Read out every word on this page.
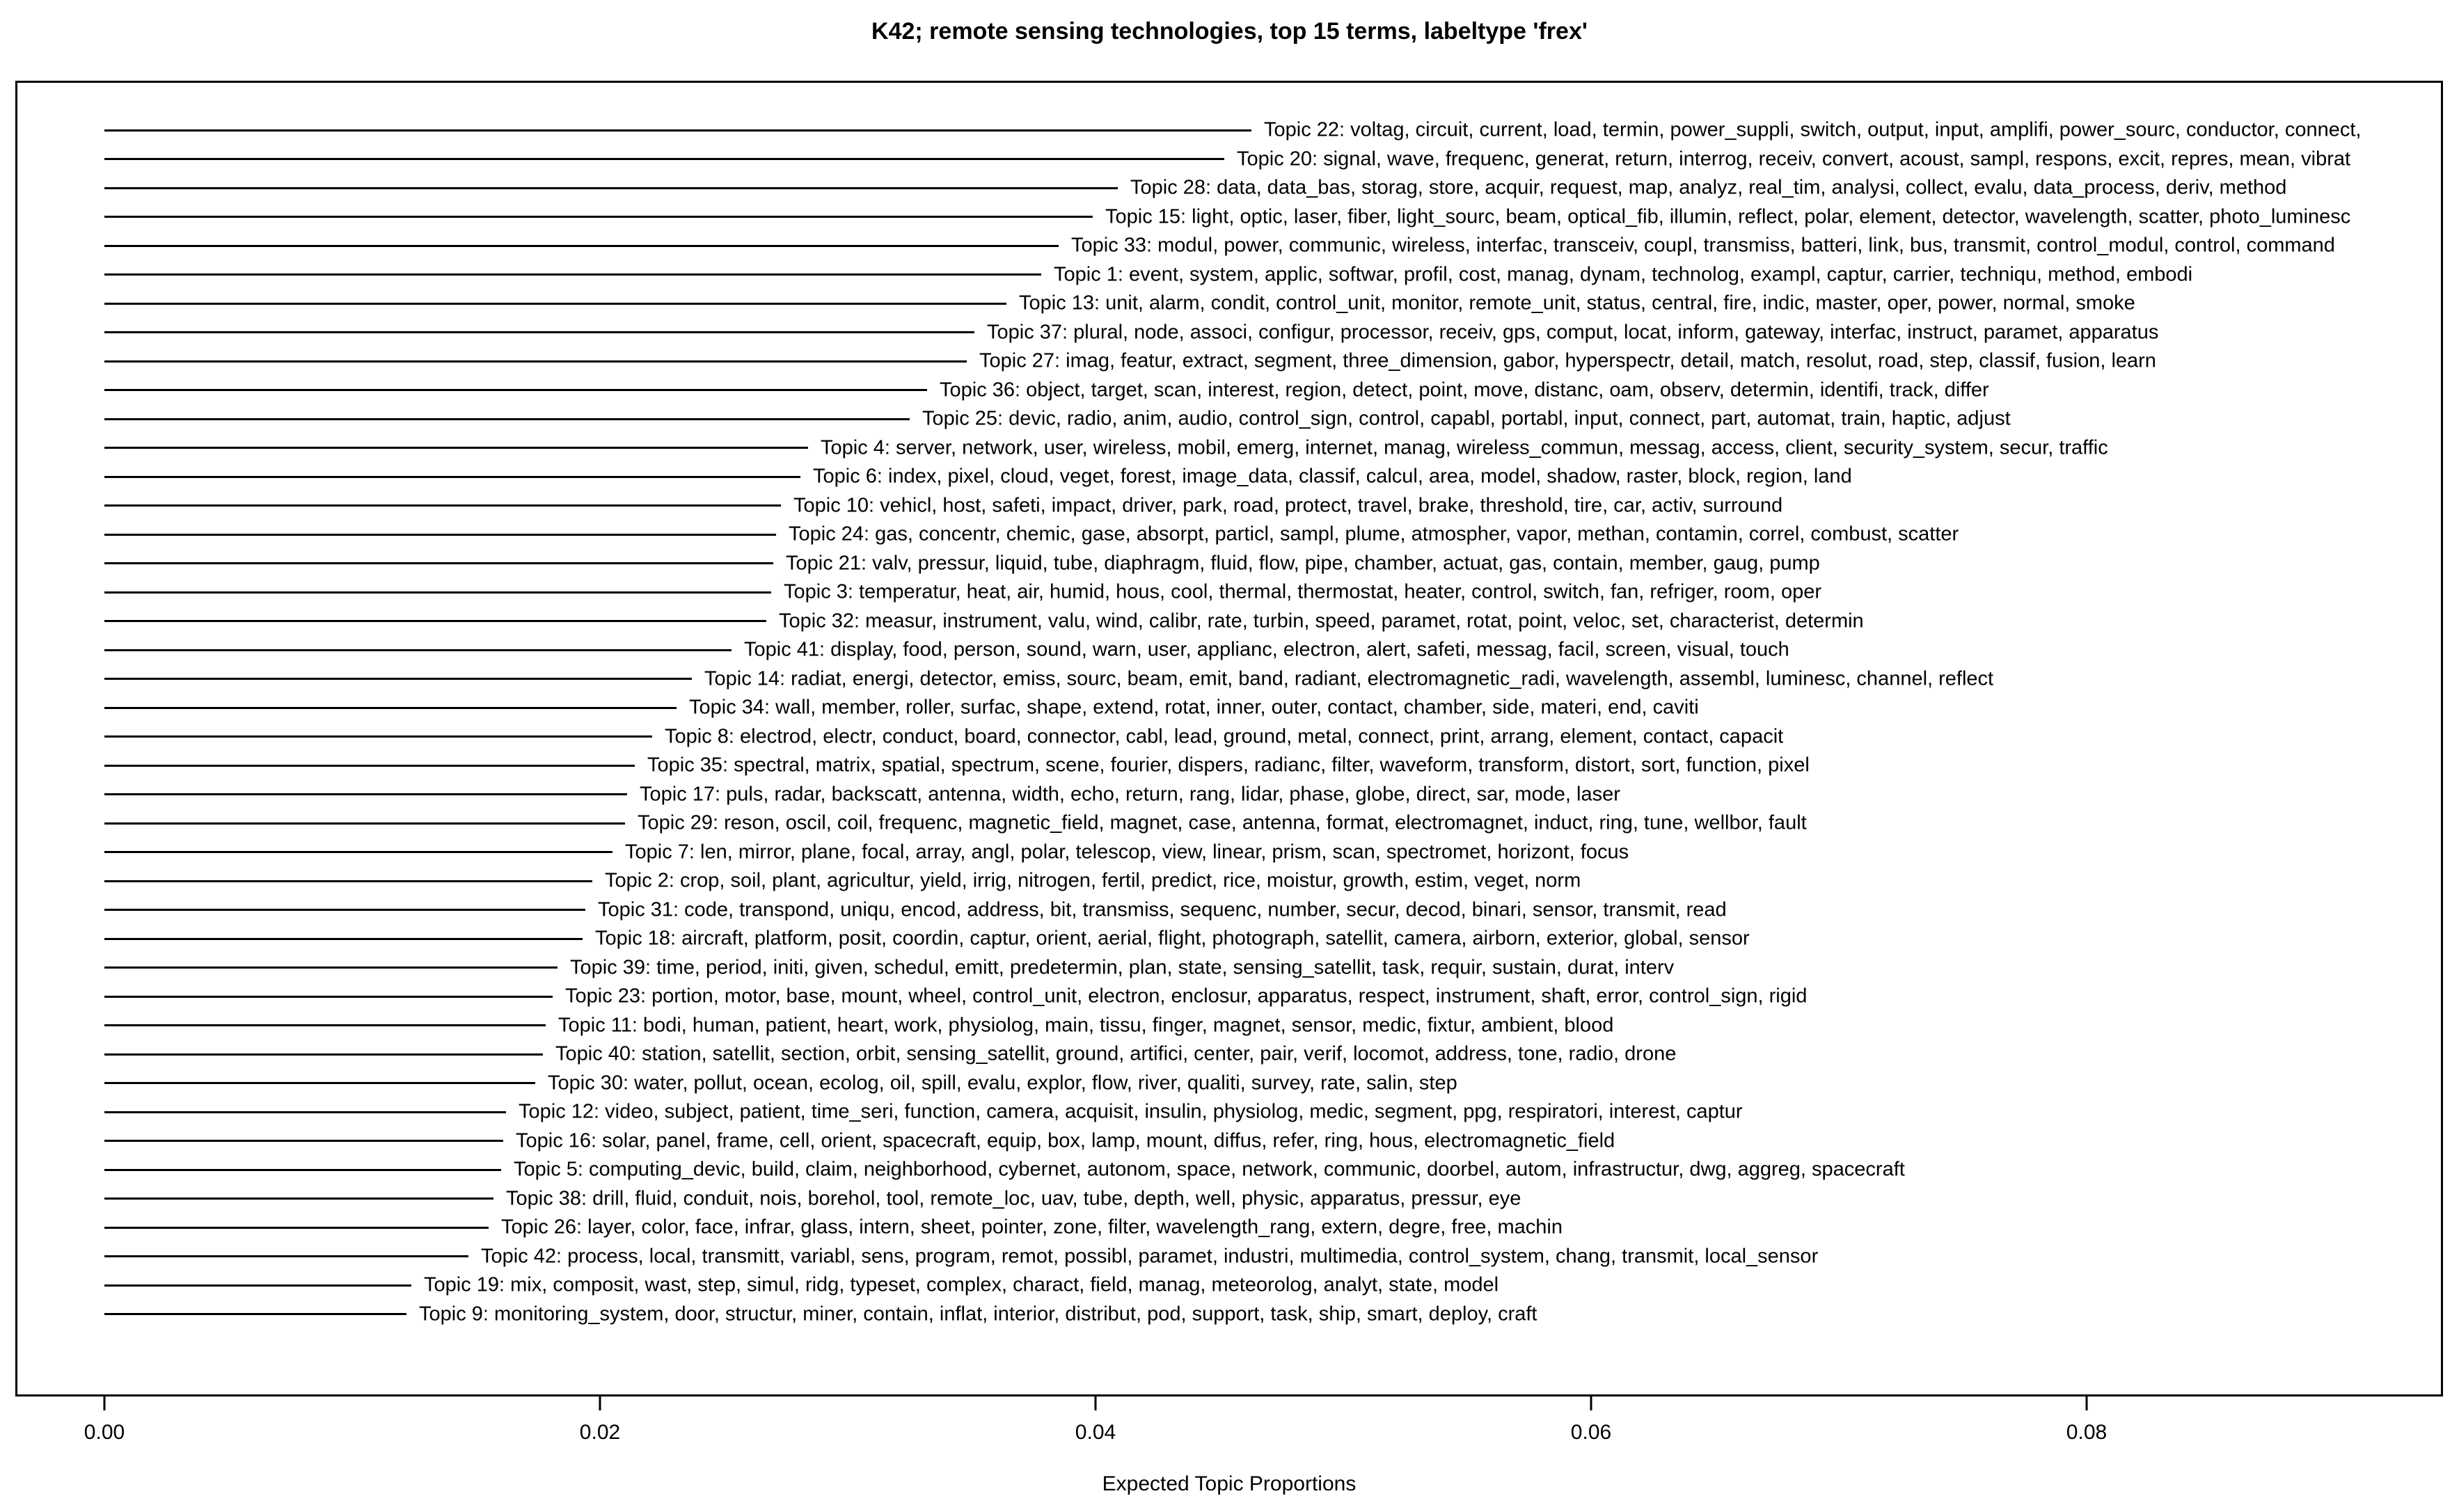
K42; remote sensing technologies, top 15 terms, labeltype 'frex'
Topic 22: voltag, circuit, current, load, termin, power_suppli, switch, output, input, amplifi, power_sourc, conductor, connect,
Topic 20: signal, wave, frequenc, generat, return, interrog, receiv, convert, acoust, sampl, respons, excit, repres, mean, vibrat
Topic 28: data, data_bas, storag, store, acquir, request, map, analyz, real_tim, analysi, collect, evalu, data_process, deriv, method
Topic 15: light, optic, laser, fiber, light_sourc, beam, optical_fib, illumin, reflect, polar, element, detector, wavelength, scatter, photo_luminesc
Topic 33: modul, power, communic, wireless, interfac, transceiv, coupl, transmiss, batteri, link, bus, transmit, control_modul, control, command
Topic 1: event, system, applic, softwar, profil, cost, manag, dynam, technolog, exampl, captur, carrier, techniqu, method, embodi
Topic 13: unit, alarm, condit, control_unit, monitor, remote_unit, status, central, fire, indic, master, oper, power, normal, smoke
Topic 37: plural, node, associ, configur, processor, receiv, gps, comput, locat, inform, gateway, interfac, instruct, paramet, apparatus
Topic 27: imag, featur, extract, segment, three_dimension, gabor, hyperspectr, detail, match, resolut, road, step, classif, fusion, learn
Topic 36: object, target, scan, interest, region, detect, point, move, distanc, oam, observ, determin, identifi, track, differ
Topic 25: devic, radio, anim, audio, control_sign, control, capabl, portabl, input, connect, part, automat, train, haptic, adjust
Topic 4: server, network, user, wireless, mobil, emerg, internet, manag, wireless_commun, messag, access, client, security_system, secur, traffic
Topic 6: index, pixel, cloud, veget, forest, image_data, classif, calcul, area, model, shadow, raster, block, region, land
Topic 10: vehicl, host, safeti, impact, driver, park, road, protect, travel, brake, threshold, tire, car, activ, surround
Topic 24: gas, concentr, chemic, gase, absorpt, particl, sampl, plume, atmospher, vapor, methan, contamin, correl, combust, scatter
Topic 21: valv, pressur, liquid, tube, diaphragm, fluid, flow, pipe, chamber, actuat, gas, contain, member, gaug, pump
Topic 3: temperatur, heat, air, humid, hous, cool, thermal, thermostat, heater, control, switch, fan, refriger, room, oper
Topic 32: measur, instrument, valu, wind, calibr, rate, turbin, speed, paramet, rotat, point, veloc, set, characterist, determin
Topic 41: display, food, person, sound, warn, user, applianc, electron, alert, safeti, messag, facil, screen, visual, touch
Topic 14: radiat, energi, detector, emiss, sourc, beam, emit, band, radiant, electromagnetic_radi, wavelength, assembl, luminesc, channel, reflect
Topic 34: wall, member, roller, surfac, shape, extend, rotat, inner, outer, contact, chamber, side, materi, end, caviti
Topic 8: electrod, electr, conduct, board, connector, cabl, lead, ground, metal, connect, print, arrang, element, contact, capacit
Topic 35: spectral, matrix, spatial, spectrum, scene, fourier, dispers, radianc, filter, waveform, transform, distort, sort, function, pixel
Topic 17: puls, radar, backscatt, antenna, width, echo, return, rang, lidar, phase, globe, direct, sar, mode, laser
Topic 29: reson, oscil, coil, frequenc, magnetic_field, magnet, case, antenna, format, electromagnet, induct, ring, tune, wellbor, fault
Topic 7: len, mirror, plane, focal, array, angl, polar, telescop, view, linear, prism, scan, spectromet, horizont, focus
Topic 2: crop, soil, plant, agricultur, yield, irrig, nitrogen, fertil, predict, rice, moistur, growth, estim, veget, norm
Topic 31: code, transpond, uniqu, encod, address, bit, transmiss, sequenc, number, secur, decod, binari, sensor, transmit, read
Topic 18: aircraft, platform, posit, coordin, captur, orient, aerial, flight, photograph, satellit, camera, airborn, exterior, global, sensor
Topic 39: time, period, initi, given, schedul, emitt, predetermin, plan, state, sensing_satellit, task, requir, sustain, durat, interv
Topic 23: portion, motor, base, mount, wheel, control_unit, electron, enclosur, apparatus, respect, instrument, shaft, error, control_sign, rigid
Topic 11: bodi, human, patient, heart, work, physiolog, main, tissu, finger, magnet, sensor, medic, fixtur, ambient, blood
Topic 40: station, satellit, section, orbit, sensing_satellit, ground, artifici, center, pair, verif, locomot, address, tone, radio, drone
Topic 30: water, pollut, ocean, ecolog, oil, spill, evalu, explor, flow, river, qualiti, survey, rate, salin, step
Topic 12: video, subject, patient, time_seri, function, camera, acquisit, insulin, physiolog, medic, segment, ppg, respiratori, interest, captur
Topic 16: solar, panel, frame, cell, orient, spacecraft, equip, box, lamp, mount, diffus, refer, ring, hous, electromagnetic_field
Topic 5: computing_devic, build, claim, neighborhood, cybernet, autonom, space, network, communic, doorbel, autom, infrastructur, dwg, aggreg, spacecraft
Topic 38: drill, fluid, conduit, nois, borehol, tool, remote_loc, uav, tube, depth, well, physic, apparatus, pressur, eye
Topic 26: layer, color, face, infrar, glass, intern, sheet, pointer, zone, filter, wavelength_rang, extern, degre, free, machin
Topic 42: process, local, transmitt, variabl, sens, program, remot, possibl, paramet, industri, multimedia, control_system, chang, transmit, local_sensor
Topic 19: mix, composit, wast, step, simul, ridg, typeset, complex, charact, field, manag, meteorolog, analyt, state, model
Topic 9: monitoring_system, door, structur, miner, contain, inflat, interior, distribut, pod, support, task, ship, smart, deploy, craft
0.00	0.02	0.04	0.06	0.08
Expected Topic Proportions
